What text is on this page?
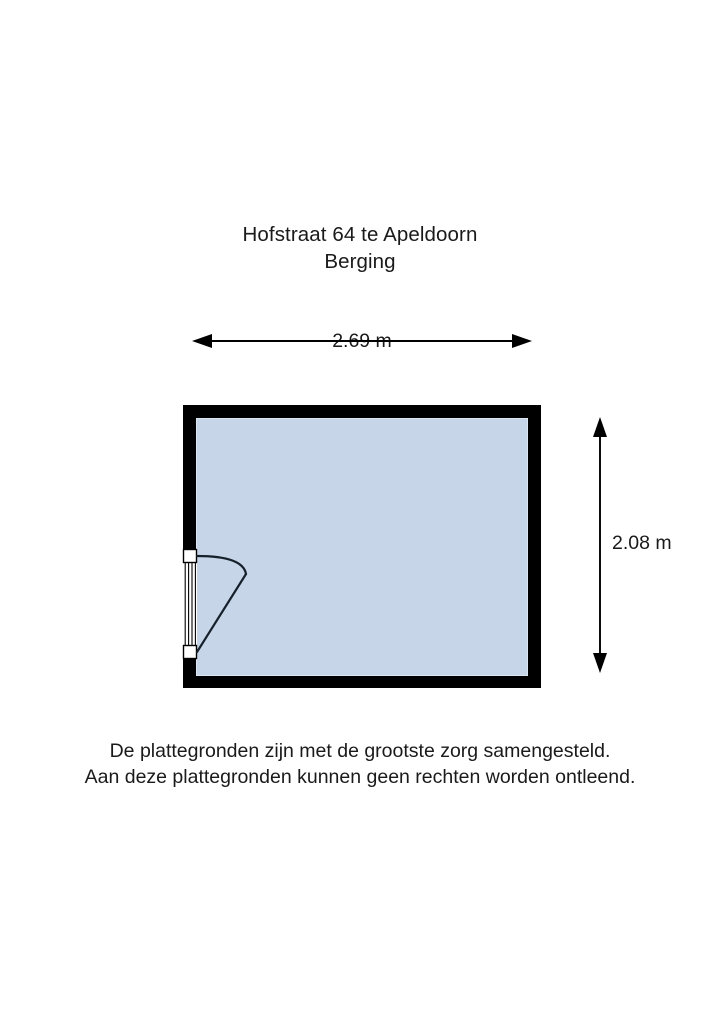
Hofstraat 64 te Apeldoorn
Berging
2.69 m
2.08 m
De plattegronden zijn met de grootste zorg samengesteld.
Aan deze plattegronden kunnen geen rechten worden ontleend.
